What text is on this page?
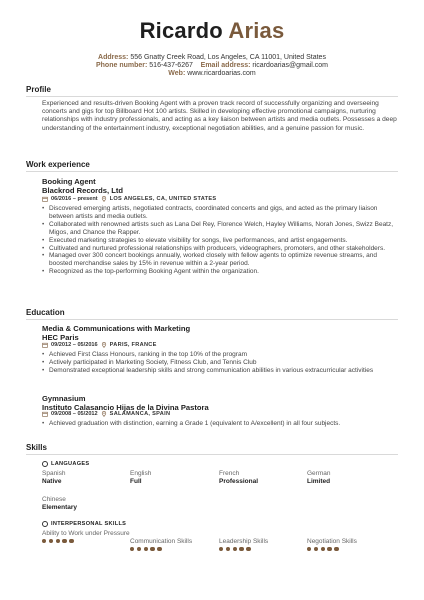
Ricardo Arias
Address: 556 Gnatty Creek Road, Los Angeles, CA 11001, United States
Phone number: 516-437-6267 Email address: ricardoarias@gmail.com
Web: www.ricardoarias.com
Profile
Experienced and results-driven Booking Agent with a proven track record of successfully organizing and overseeing concerts and gigs for top Billboard Hot 100 artists. Skilled in developing effective promotional campaigns, nurturing relationships with industry professionals, and acting as a key liaison between artists and media outlets. Possesses a deep understanding of the entertainment industry, exceptional negotiation abilities, and a genuine passion for music.
Work experience
Booking Agent
Blackrod Records, Ltd
06/2016 – present LOS ANGELES, CA, UNITED STATES
• Discovered emerging artists, negotiated contracts, coordinated concerts and gigs, and acted as the primary liaison between artists and media outlets.
• Collaborated with renowned artists such as Lana Del Rey, Florence Welch, Hayley Williams, Norah Jones, Swizz Beatz, Migos, and Chance the Rapper.
• Executed marketing strategies to elevate visibility for songs, live performances, and artist engagements.
• Cultivated and nurtured professional relationships with producers, videographers, promoters, and other stakeholders.
• Managed over 300 concert bookings annually, worked closely with fellow agents to optimize revenue streams, and boosted merchandise sales by 15% in revenue within a 2-year period.
• Recognized as the top-performing Booking Agent within the organization.
Education
Media & Communications with Marketing
HEC Paris
09/2012 – 05/2016 PARIS, FRANCE
• Achieved First Class Honours, ranking in the top 10% of the program
• Actively participated in Marketing Society, Fitness Club, and Tennis Club
• Demonstrated exceptional leadership skills and strong communication abilities in various extracurricular activities
Gymnasium
Instituto Calasancio Hijas de la Divina Pastora
09/2008 – 05/2012 SALAMANCA, SPAIN
• Achieved graduation with distinction, earning a Grade 1 (equivalent to A/excellent) in all four subjects.
Skills
LANGUAGES
Spanish
Native
English
Full
French
Professional
German
Limited
Chinese
Elementary
INTERPERSONAL SKILLS
Ability to Work under Pressure
Communication Skills	Leadership Skills	Negotiation Skills
